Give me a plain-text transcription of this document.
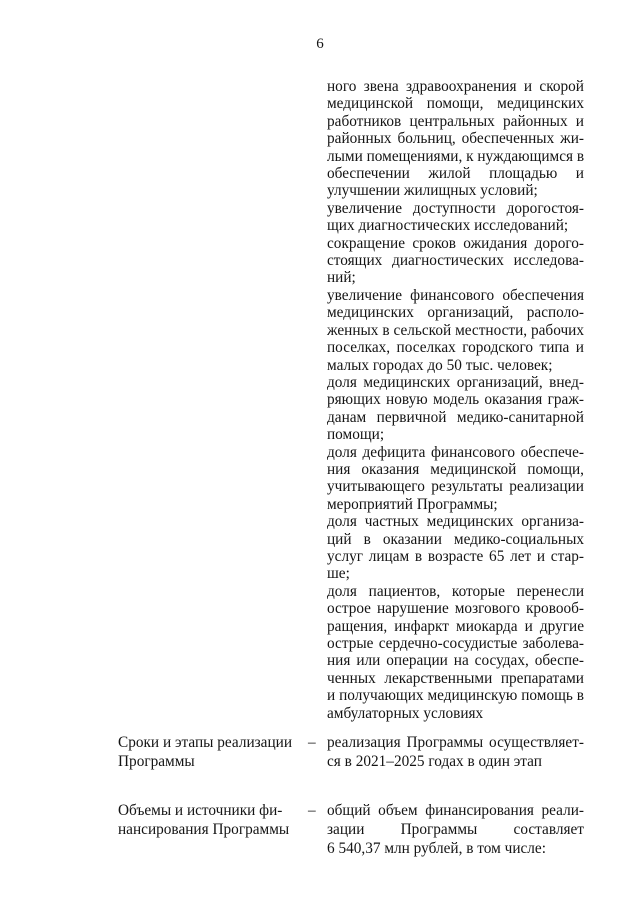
6
ного звена здравоохранения и скорой
медицинской помощи, медицинских
работников центральных районных и
районных больниц, обеспеченных жи-
лыми помещениями, к нуждающимся в
обеспечении жилой площадью и
улучшении жилищных условий;
увеличение доступности дорогостоя-
щих диагностических исследований;
сокращение сроков ожидания дорого-
стоящих диагностических исследова-
ний;
увеличение финансового обеспечения
медицинских организаций, располо-
женных в сельской местности, рабочих
поселках, поселках городского типа и
малых городах до 50 тыс. человек;
доля медицинских организаций, внед-
ряющих новую модель оказания граж-
данам первичной медико-санитарной
помощи;
доля дефицита финансового обеспече-
ния оказания медицинской помощи,
учитывающего результаты реализации
мероприятий Программы;
доля частных медицинских организа-
ций в оказании медико-социальных
услуг лицам в возрасте 65 лет и стар-
ше;
доля пациентов, которые перенесли
острое нарушение мозгового кровооб-
ращения, инфаркт миокарда и другие
острые сердечно-сосудистые заболева-
ния или операции на сосудах, обеспе-
ченных лекарственными препаратами
и получающих медицинскую помощь в
амбулаторных условиях
Сроки и этапы реализации
Программы
– реализация Программы осуществляет-
ся в 2021–2025 годах в один этап
Объемы и источники фи-
нансирования Программы
– общий объем финансирования реали-
зации Программы составляет
6 540,37 млн рублей, в том числе:
